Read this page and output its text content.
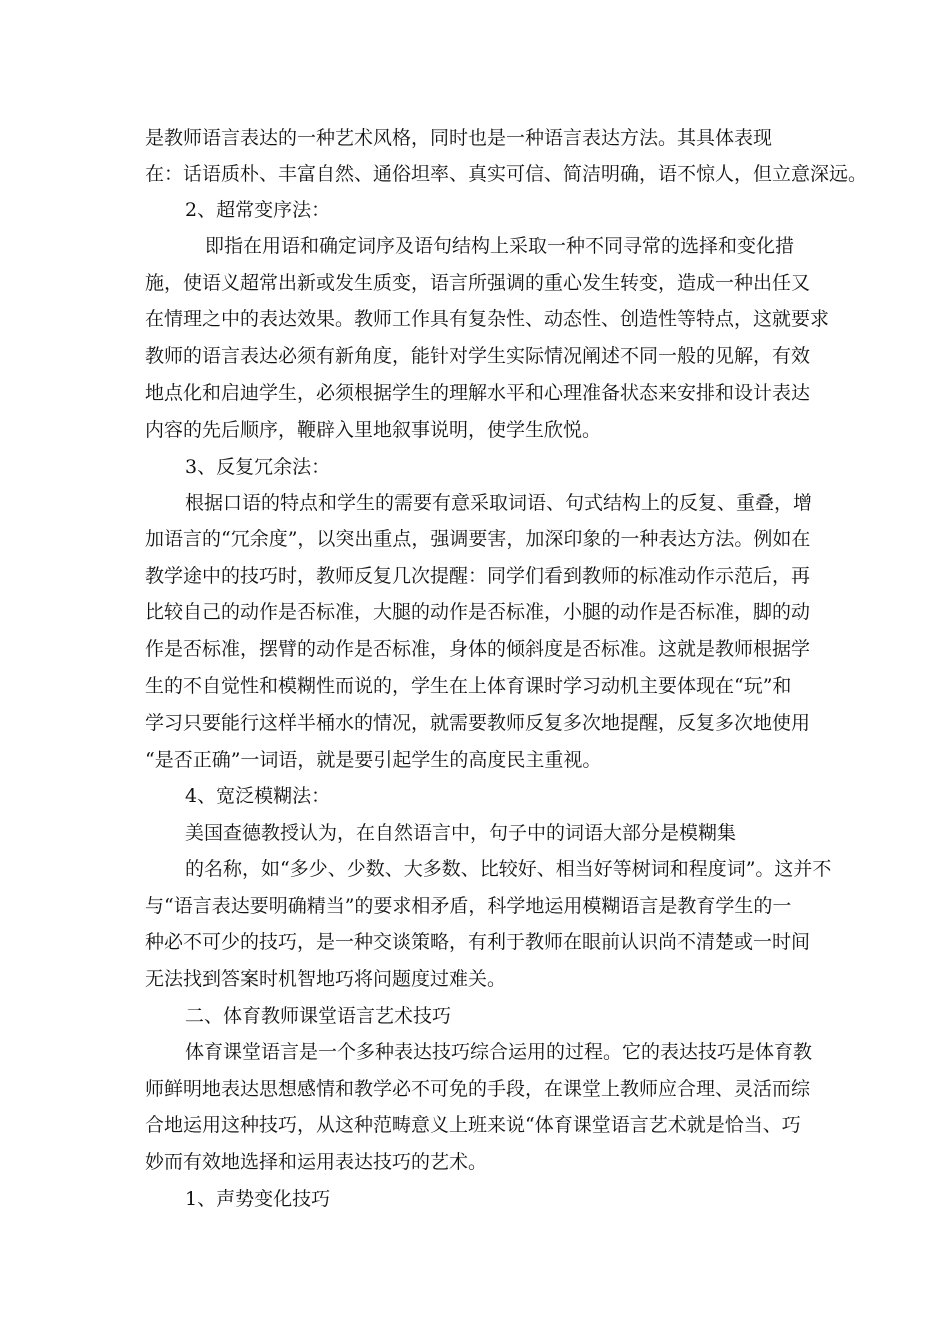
是教师语言表达的一种艺术风格，同时也是一种语言表达方法。其具体表现
在：话语质朴、丰富自然、通俗坦率、真实可信、简洁明确，语不惊人，但立意深远。
2、超常变序法：
即指在用语和确定词序及语句结构上采取一种不同寻常的选择和变化措
施，使语义超常出新或发生质变，语言所强调的重心发生转变，造成一种出任又
在情理之中的表达效果。教师工作具有复杂性、动态性、创造性等特点，这就要求
教师的语言表达必须有新角度，能针对学生实际情况阐述不同一般的见解，有效
地点化和启迪学生，必须根据学生的理解水平和心理准备状态来安排和设计表达
内容的先后顺序，鞭辟入里地叙事说明，使学生欣悦。
3、反复冗余法：
根据口语的特点和学生的需要有意采取词语、句式结构上的反复、重叠，增
加语言的“冗余度”，以突出重点，强调要害，加深印象的一种表达方法。例如在
教学途中的技巧时，教师反复几次提醒：同学们看到教师的标准动作示范后，再
比较自己的动作是否标准，大腿的动作是否标准，小腿的动作是否标准，脚的动
作是否标准，摆臂的动作是否标准，身体的倾斜度是否标准。这就是教师根据学
生的不自觉性和模糊性而说的，学生在上体育课时学习动机主要体现在“玩”和
学习只要能行这样半桶水的情况，就需要教师反复多次地提醒，反复多次地使用
“是否正确”一词语，就是要引起学生的高度民主重视。
4、宽泛模糊法：
美国查德教授认为，在自然语言中，句子中的词语大部分是模糊集
的名称，如“多少、少数、大多数、比较好、相当好等树词和程度词”。这并不
与“语言表达要明确精当”的要求相矛盾，科学地运用模糊语言是教育学生的一
种必不可少的技巧，是一种交谈策略，有利于教师在眼前认识尚不清楚或一时间
无法找到答案时机智地巧将问题度过难关。
二、体育教师课堂语言艺术技巧
体育课堂语言是一个多种表达技巧综合运用的过程。它的表达技巧是体育教
师鲜明地表达思想感情和教学必不可免的手段，在课堂上教师应合理、灵活而综
合地运用这种技巧，从这种范畴意义上班来说“体育课堂语言艺术就是恰当、巧
妙而有效地选择和运用表达技巧的艺术。
1、声势变化技巧
